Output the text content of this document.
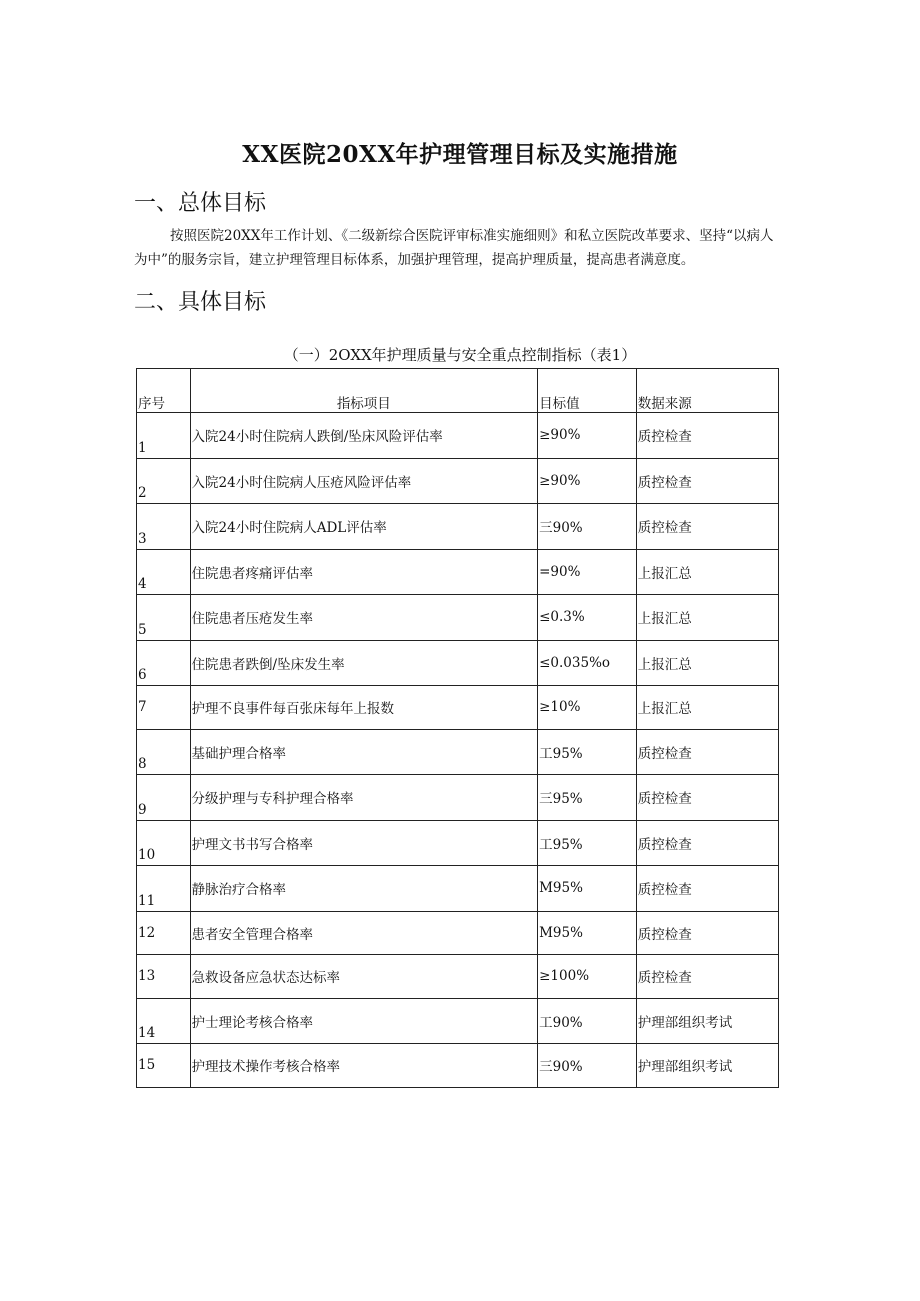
XX医院20XX年护理管理目标及实施措施
一、总体目标
按照医院20XX年工作计划、《二级新综合医院评审标准实施细则》和私立医院改革要求、坚持“以病人为中”的服务宗旨，建立护理管理目标体系，加强护理管理，提高护理质量，提高患者满意度。
二、具体目标
（一）2OXX年护理质量与安全重点控制指标（表1）
序号	指标项目	目标值	数据来源
1	入院24小时住院病人跌倒/坠床风险评估率	≥90%	质控检查
2	入院24小时住院病人压疮风险评估率	≥90%	质控检查
3	入院24小时住院病人ADL评估率	三90%	质控检查
4	住院患者疼痛评估率	=90%	上报汇总
5	住院患者压疮发生率	≤0.3%	上报汇总
6	住院患者跌倒/坠床发生率	≤0.035%o	上报汇总
7	护理不良事件每百张床每年上报数	≥10%	上报汇总
8	基础护理合格率	工95%	质控检查
9	分级护理与专科护理合格率	三95%	质控检查
10	护理文书书写合格率	工95%	质控检查
11	静脉治疗合格率	M95%	质控检查
12	患者安全管理合格率	M95%	质控检查
13	急救设备应急状态达标率	≥100%	质控检查
14	护士理论考核合格率	工90%	护理部组织考试
15	护理技术操作考核合格率	三90%	护理部组织考试
